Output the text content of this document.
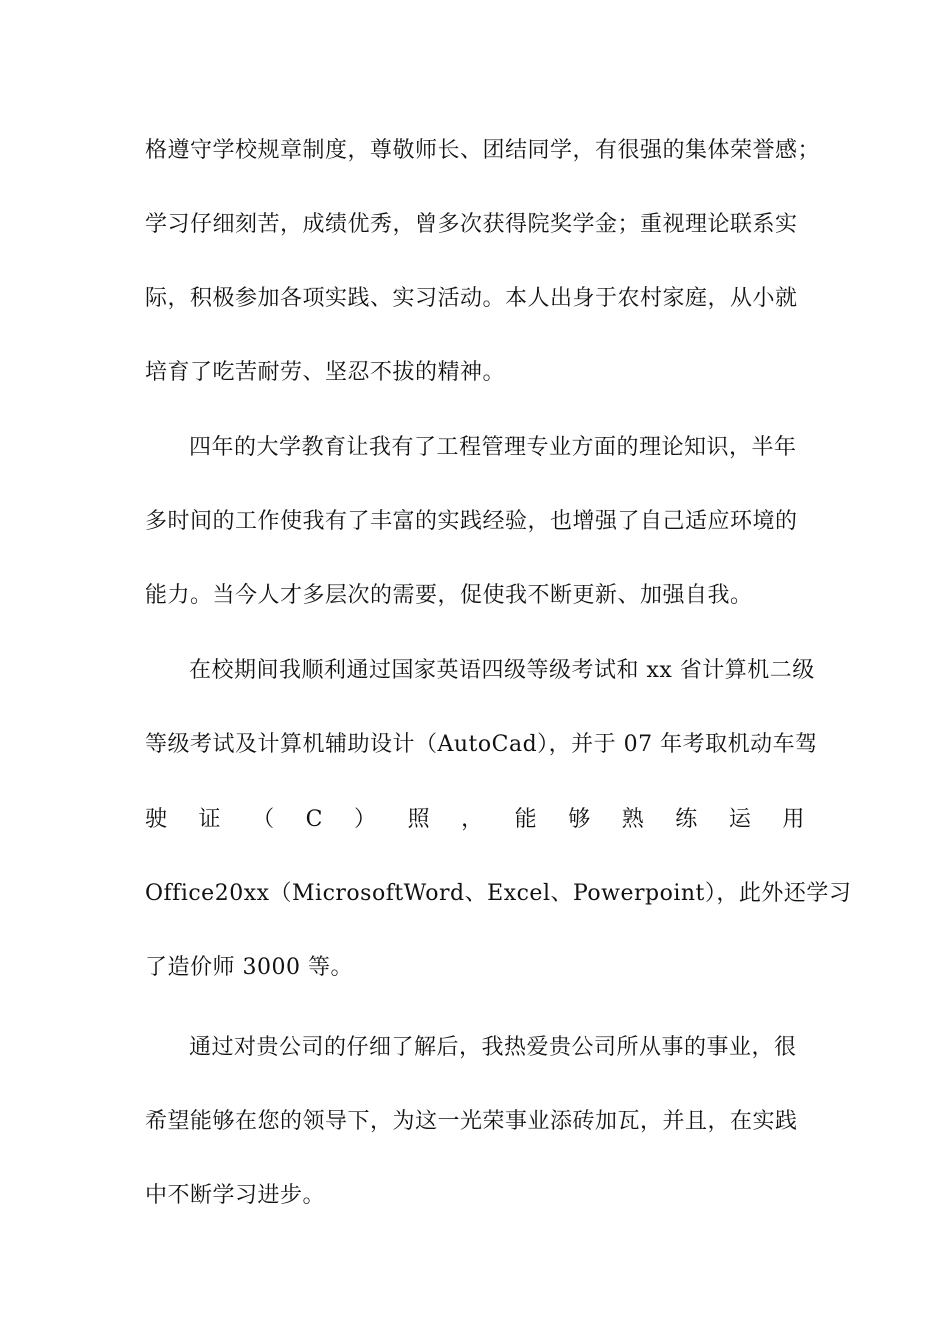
格遵守学校规章制度，尊敬师长、团结同学，有很强的集体荣誉感；
学习仔细刻苦，成绩优秀，曾多次获得院奖学金；重视理论联系实
际，积极参加各项实践、实习活动。本人出身于农村家庭，从小就
培育了吃苦耐劳、坚忍不拔的精神。
四年的大学教育让我有了工程管理专业方面的理论知识，半年
多时间的工作使我有了丰富的实践经验，也增强了自己适应环境的
能力。当今人才多层次的需要，促使我不断更新、加强自我。
在校期间我顺利通过国家英语四级等级考试和 xx 省计算机二级
等级考试及计算机辅助设计（AutoCad），并于 07 年考取机动车驾
驶 证 （ C ） 照 ， 能 够 熟 练 运 用
Office20xx（MicrosoftWord、Excel、Powerpoint），此外还学习
了造价师 3000 等。
通过对贵公司的仔细了解后，我热爱贵公司所从事的事业，很
希望能够在您的领导下，为这一光荣事业添砖加瓦，并且，在实践
中不断学习进步。
